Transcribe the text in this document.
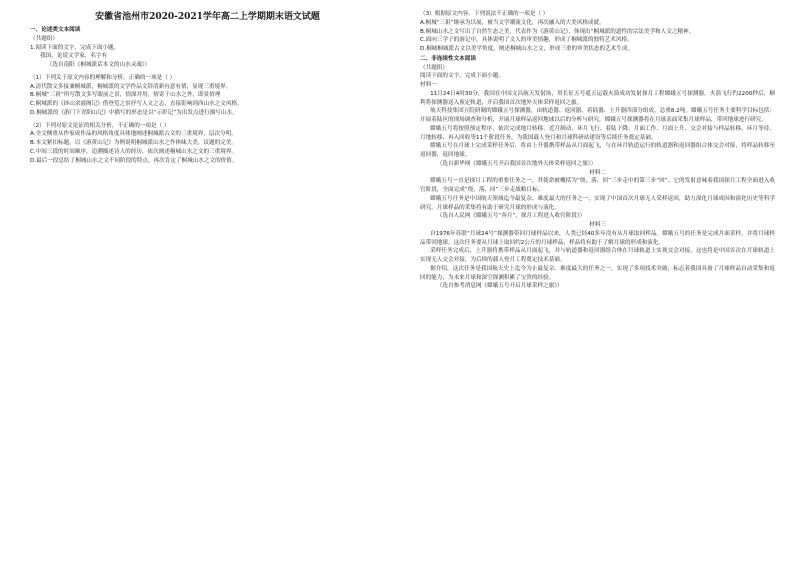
安徽省池州市2020-2021学年高二上学期期末语文试题

一、论述类文本阅读

（共题组）

1.阅读下面的文字，完成下面小题。

我国，论说文学家，名字有

（选自南阳《桐城派话本文的山水灵魂》）

（1）下列关于原文内容的理解和分析，正确的一项是（ ）

A.清代散文多接兼桐城派，桐城派的文学作品文辞清新有意有情，显现三重境界。

B.桐城“三祖”所写散文多写眼前之景，情深并用，情寄于山水之外，即景情理

C.桐城派的《钵山余霞阁记》借登览之景抒写人文之志，直接影响到西山水之文风格。

D.桐城派的《游门下青阳山记》中描写的形态是以“示彰记”为出发点进行描写山水。

（2）下列对原文论证的相关分析，不正确的一项是（ ）

A.全文侧重从作家成作品的风格角度具体地阐述桐城派古文的三重境界，层次分明。

B.本文紧扣标题，以《游黄山记》为例说明桐城派山水之作体味大美，议题的完美。

C.中间三段的时间顺序，追溯描述诗人的经历，依次阐述桐城山水之文的三重境界。

D.最后一段总结了桐城山水之文不同阶段的特点，再次肯定了桐城山水之文的价值。

（3）根据原文内容，下列说法不正确的一项是（ ）

A.桐城“三祖”继承为以展，被当文学潮流文化，再次融入的大美风格成就。

B.桐城山水之文写出了自然生态之美，代表作为《游黄山记》，体现出“桐城派的道性的宗法美学和人文之精神。

C.面向三学子的游记中，具体说明了文人的审美情趣，形成了桐城派的独特艺术风格。

D.桐城桐城派古文以美学角度，阐述桐城山水之文，形成三重的审美状态的艺术生成。

二、非连续性文本阅读

（共题组）

阅读下面的文字，完成下面小题。

材料一

11月24日4时30分，我国在中国文昌航天发射场，用长征五号遥五运载火箭成功发射探月工程嫦娥五号探测器，火箭飞行约2200秒后，顺利将探测器送入预定轨道，开启我国首次地外天体采样返回之旅。

航天科技集团五院研制的嫦娥五号探测器，由轨道器、返回器、着陆器、上升器四部分组成，总重8.2吨。嫦娥五号任务主要科学目标包括：开展着陆区的现场调查和分析，开展月球样品返回地球以后的分析与研究。嫦娥五号探测器将在月球表面采集月球样品，带回地球进行研究。

嫦娥五号将按照预定程序，依次完成地月转移、近月制动、环月飞行、着陆下降、月面工作、月面上升、交会对接与样品转移、环月等待、月地转移、再入回收等11个阶段任务，为我国载人登月和月球科研站建设等后续任务奠定基础。

嫦娥五号在月球上完成采样任务后，将由上升器携带样品从月面起飞，与在环月轨道运行的轨道器和返回器组合体交会对接，将样品转移至返回器，返回地球。

（选自新华网《嫦娥五号开启我国首次地外天体采样返回之旅》）

材料二

嫦娥五号一直是探月工程的重要任务之一，其使命被概括为“绕、落、回”三步走中的第三步“回”。它的发射意味着我国探月工程全面进入收官阶段，全面完成“绕、落、回”三步走战略目标。

嫦娥五号任务是中国航天领域迄今最复杂、难度最大的任务之一，实现了中国首次月球无人采样返回，助力深化月球成因和演化历史等科学研究。月球样品的采集将有助于研究月球的形成与演化。

（选自人民网《嫦娥五号“奔月”，探月工程进入收官阶段》）

材料三

自1976年苏联“月球24号”探测器带回月球样品以来，人类已经40多年没有从月球取回样品。嫦娥五号的任务是完成月面采样，并将月球样品带回地球。这次任务要从月球上取回约2公斤的月球样品，样品将有助于了解月球的形成和演化。

采样任务完成后，上升器将携带样品从月面起飞，并与轨道器和返回器组合体在月球轨道上实现交会对接，这也将是中国首次在月球轨道上实现无人交会对接，为后续的载人登月工程奠定技术基础。

据介绍，这次任务是我国航天史上迄今为止最复杂、难度最大的任务之一，实现了多项技术突破，标志着我国具备了月球样品自动采集和返回的能力，为未来月球和深空探测积累了宝贵的经验。

（选自参考消息网《嫦娥五号开启月球采样之旅》）
